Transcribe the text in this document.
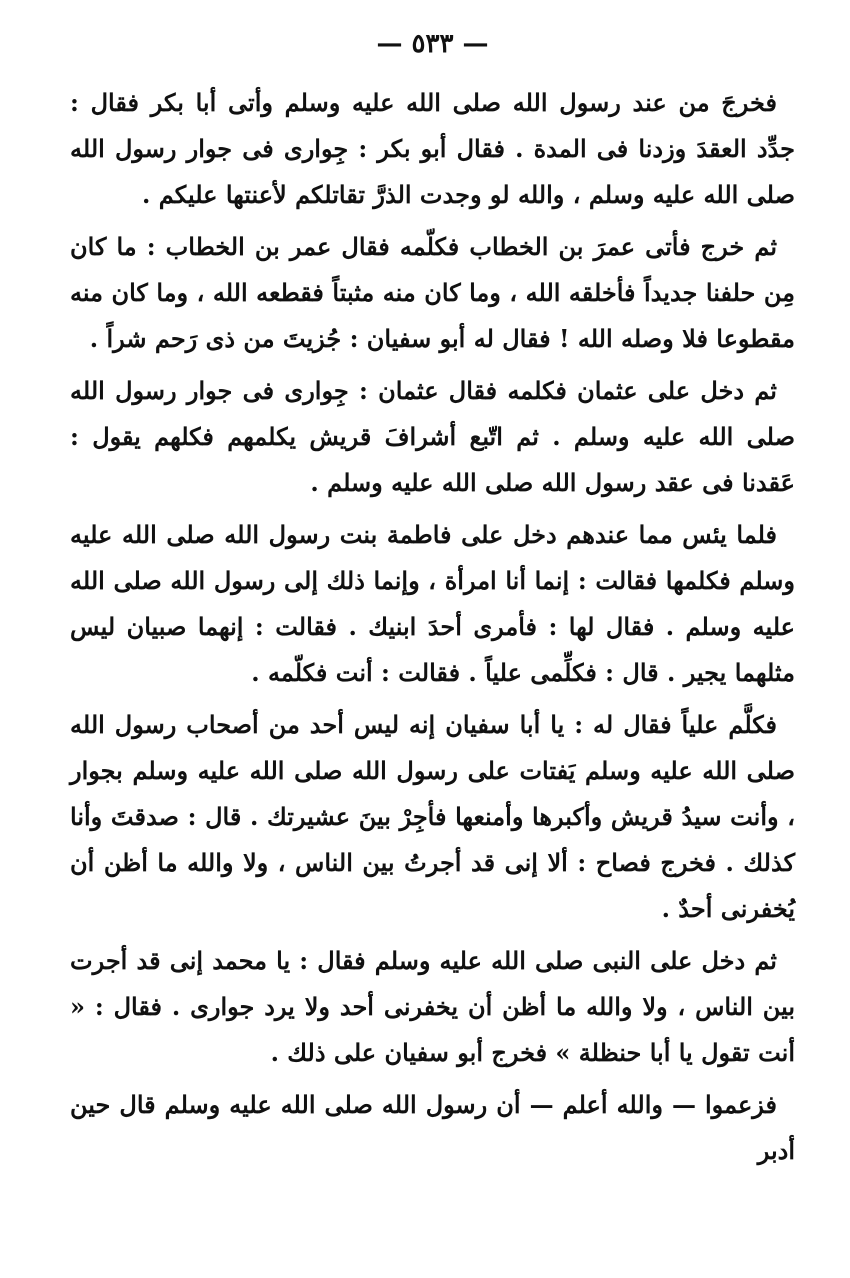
— ٥٣٣ —

فخرجَ من عند رسول الله صلى الله عليه وسلم وأتى أبا بكر فقال : جدِّد العقدَ وزدنا فى المدة . فقال أبو بكر : جِوارى فى جوار رسول الله صلى الله عليه وسلم ، والله لو وجدت الذرَّ تقاتلكم لأعنتها عليكم .

ثم خرج فأتى عمرَ بن الخطاب فكلّمه فقال عمر بن الخطاب : ما كان مِن حلفنا جديداً فأخلقه الله ، وما كان منه مثبتاً فقطعه الله ، وما كان منه مقطوعا فلا وصله الله ! فقال له أبو سفيان : جُزيتَ من ذى رَحم شراً .

ثم دخل على عثمان فكلمه فقال عثمان : جِوارى فى جوار رسول الله صلى الله عليه وسلم . ثم اتّبع أشرافَ قريش يكلمهم فكلهم يقول : عَقدنا فى عقد رسول الله صلى الله عليه وسلم .

فلما يئس مما عندهم دخل على فاطمة بنت رسول الله صلى الله عليه وسلم فكلمها فقالت : إنما أنا امرأة ، وإنما ذلك إلى رسول الله صلى الله عليه وسلم . فقال لها : فأمرى أحدَ ابنيك . فقالت : إنهما صبيان ليس مثلهما يجير . قال : فكلِّمى علياً . فقالت : أنت فكلّمه .

فكلَّم علياً فقال له : يا أبا سفيان إنه ليس أحد من أصحاب رسول الله صلى الله عليه وسلم يَفتات على رسول الله صلى الله عليه وسلم بجوار ، وأنت سيدُ قريش وأكبرها وأمنعها فأجِرْ بينَ عشيرتك . قال : صدقتَ وأنا كذلك . فخرج فصاح : ألا إنى قد أجرتُ بين الناس ، ولا والله ما أظن أن يُخفرنى أحدٌ .

ثم دخل على النبى صلى الله عليه وسلم فقال : يا محمد إنى قد أجرت بين الناس ، ولا والله ما أظن أن يخفرنى أحد ولا يرد جوارى . فقال : « أنت تقول يا أبا حنظلة » فخرج أبو سفيان على ذلك .

فزعموا — والله أعلم — أن رسول الله صلى الله عليه وسلم قال حين أدبر
